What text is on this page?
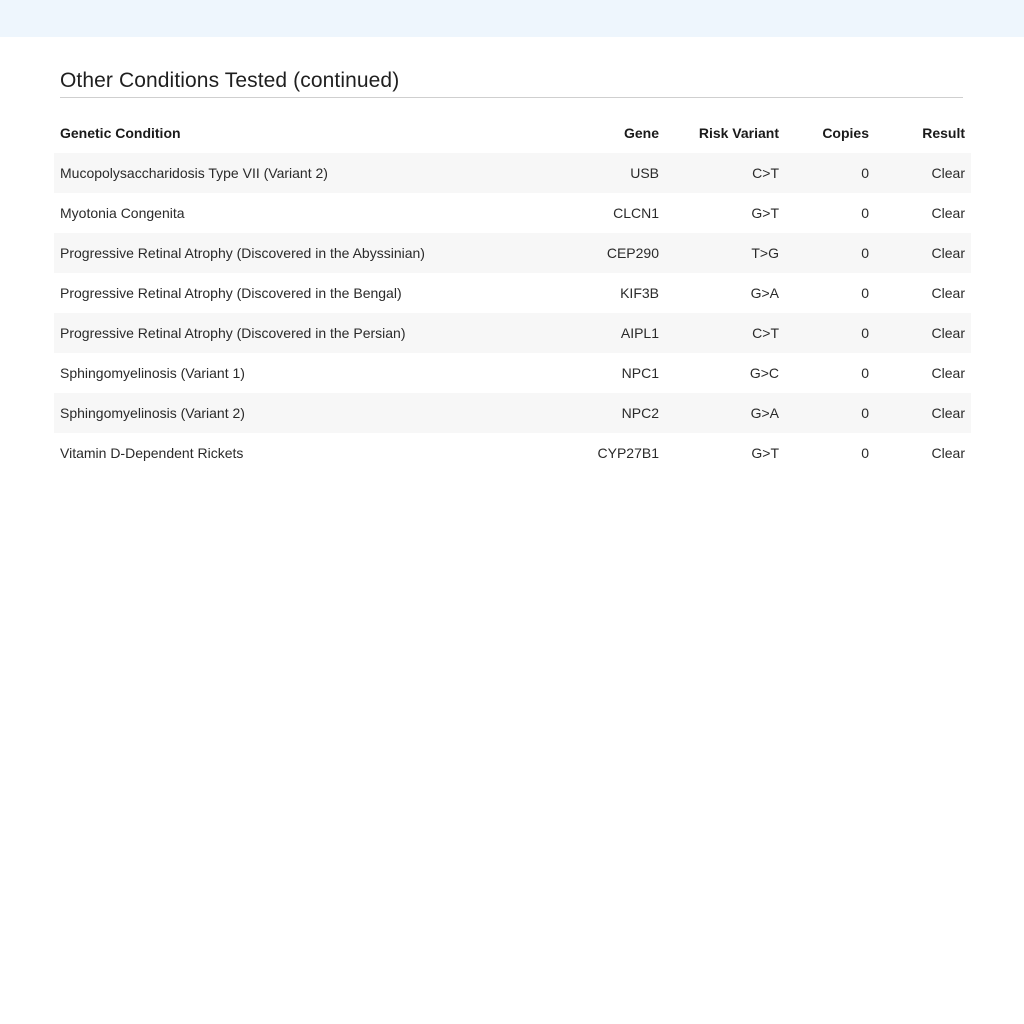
Other Conditions Tested (continued)
Genetic Condition	Gene	Risk Variant	Copies	Result
Mucopolysaccharidosis Type VII (Variant 2)	USB	C>T	0	Clear
Myotonia Congenita	CLCN1	G>T	0	Clear
Progressive Retinal Atrophy (Discovered in the Abyssinian)	CEP290	T>G	0	Clear
Progressive Retinal Atrophy (Discovered in the Bengal)	KIF3B	G>A	0	Clear
Progressive Retinal Atrophy (Discovered in the Persian)	AIPL1	C>T	0	Clear
Sphingomyelinosis (Variant 1)	NPC1	G>C	0	Clear
Sphingomyelinosis (Variant 2)	NPC2	G>A	0	Clear
Vitamin D-Dependent Rickets	CYP27B1	G>T	0	Clear
